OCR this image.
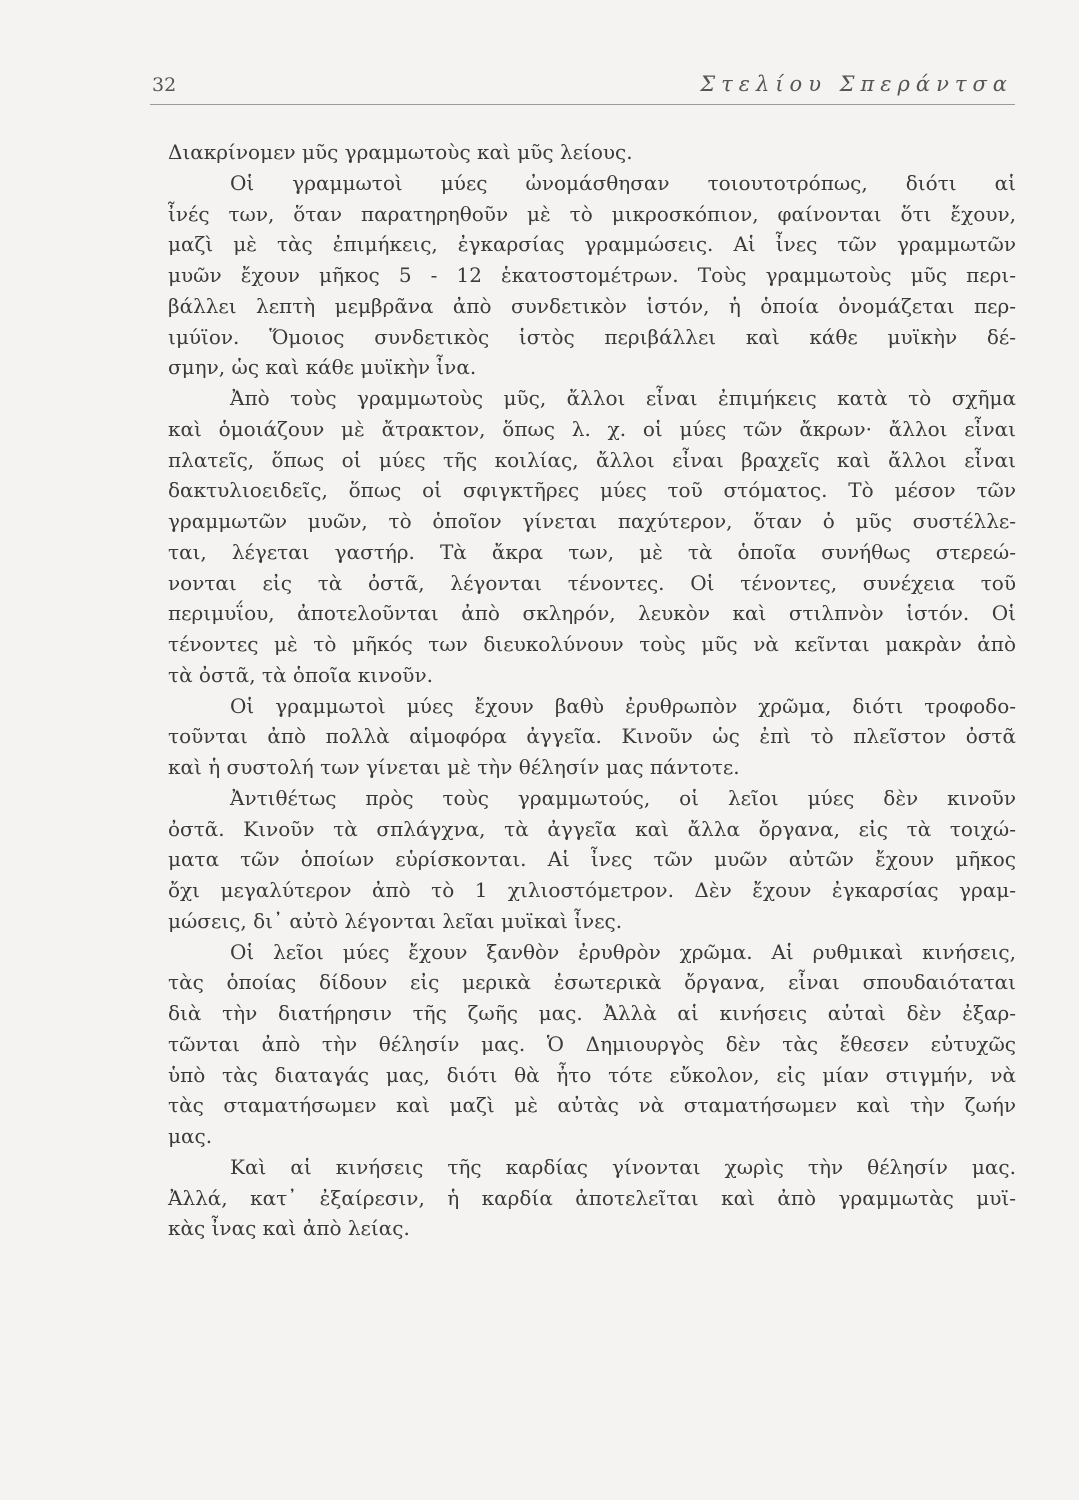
32	Στελίου Σπεράντσα
Διακρίνομεν μῦς γραμμωτοὺς καὶ μῦς λείους.
Οἱ γραμμωτοὶ μύες ὠνομάσθησαν τοιουτοτρόπως, διότι αἱ
ἶνές των, ὅταν παρατηρηθοῦν μὲ τὸ μικροσκόπιον, φαίνονται ὅτι ἔχουν,
μαζὶ μὲ τὰς ἐπιμήκεις, ἐγκαρσίας γραμμώσεις. Αἱ ἶνες τῶν γραμμωτῶν
μυῶν ἔχουν μῆκος 5 - 12 ἑκατοστομέτρων. Τοὺς γραμμωτοὺς μῦς περι-
βάλλει λεπτὴ μεμβρᾶνα ἀπὸ συνδετικὸν ἱστόν, ἡ ὁποία ὀνομάζεται περ-
ιμύϊον. Ὅμοιος συνδετικὸς ἱστὸς περιβάλλει καὶ κάθε μυϊκὴν δέ-
σμην, ὡς καὶ κάθε μυϊκὴν ἶνα.
Ἀπὸ τοὺς γραμμωτοὺς μῦς, ἄλλοι εἶναι ἐπιμήκεις κατὰ τὸ σχῆμα
καὶ ὁμοιάζουν μὲ ἄτρακτον, ὅπως λ. χ. οἱ μύες τῶν ἄκρων· ἄλλοι εἶναι
πλατεῖς, ὅπως οἱ μύες τῆς κοιλίας, ἄλλοι εἶναι βραχεῖς καὶ ἄλλοι εἶναι
δακτυλιοειδεῖς, ὅπως οἱ σφιγκτῆρες μύες τοῦ στόματος. Τὸ μέσον τῶν
γραμμωτῶν μυῶν, τὸ ὁποῖον γίνεται παχύτερον, ὅταν ὁ μῦς συστέλλε-
ται, λέγεται γαστήρ. Τὰ ἄκρα των, μὲ τὰ ὁποῖα συνήθως στερεώ-
νονται εἰς τὰ ὀστᾶ, λέγονται τένοντες. Οἱ τένοντες, συνέχεια τοῦ
περιμυΐου, ἀποτελοῦνται ἀπὸ σκληρόν, λευκὸν καὶ στιλπνὸν ἱστόν. Οἱ
τένοντες μὲ τὸ μῆκός των διευκολύνουν τοὺς μῦς νὰ κεῖνται μακρὰν ἀπὸ
τὰ ὀστᾶ, τὰ ὁποῖα κινοῦν.
Οἱ γραμμωτοὶ μύες ἔχουν βαθὺ ἐρυθρωπὸν χρῶμα, διότι τροφοδο-
τοῦνται ἀπὸ πολλὰ αἱμοφόρα ἀγγεῖα. Κινοῦν ὡς ἐπὶ τὸ πλεῖστον ὀστᾶ
καὶ ἡ συστολή των γίνεται μὲ τὴν θέλησίν μας πάντοτε.
Ἀντιθέτως πρὸς τοὺς γραμμωτούς, οἱ λεῖοι μύες δὲν κινοῦν
ὀστᾶ. Κινοῦν τὰ σπλάγχνα, τὰ ἀγγεῖα καὶ ἄλλα ὄργανα, εἰς τὰ τοιχώ-
ματα τῶν ὁποίων εὑρίσκονται. Αἱ ἶνες τῶν μυῶν αὐτῶν ἔχουν μῆκος
ὄχι μεγαλύτερον ἀπὸ τὸ 1 χιλιοστόμετρον. Δὲν ἔχουν ἐγκαρσίας γραμ-
μώσεις, δι᾿ αὐτὸ λέγονται λεῖαι μυϊκαὶ ἶνες.
Οἱ λεῖοι μύες ἔχουν ξανθὸν ἐρυθρὸν χρῶμα. Αἱ ρυθμικαὶ κινήσεις,
τὰς ὁποίας δίδουν εἰς μερικὰ ἐσωτερικὰ ὄργανα, εἶναι σπουδαιόταται
διὰ τὴν διατήρησιν τῆς ζωῆς μας. Ἀλλὰ αἱ κινήσεις αὐταὶ δὲν ἐξαρ-
τῶνται ἀπὸ τὴν θέλησίν μας. Ὁ Δημιουργὸς δὲν τὰς ἔθεσεν εὐτυχῶς
ὑπὸ τὰς διαταγάς μας, διότι θὰ ἦτο τότε εὔκολον, εἰς μίαν στιγμήν, νὰ
τὰς σταματήσωμεν καὶ μαζὶ μὲ αὐτὰς νὰ σταματήσωμεν καὶ τὴν ζωήν
μας.
Καὶ αἱ κινήσεις τῆς καρδίας γίνονται χωρὶς τὴν θέλησίν μας.
Ἀλλά, κατ᾿ ἐξαίρεσιν, ἡ καρδία ἀποτελεῖται καὶ ἀπὸ γραμμωτὰς μυϊ-
κὰς ἶνας καὶ ἀπὸ λείας.
